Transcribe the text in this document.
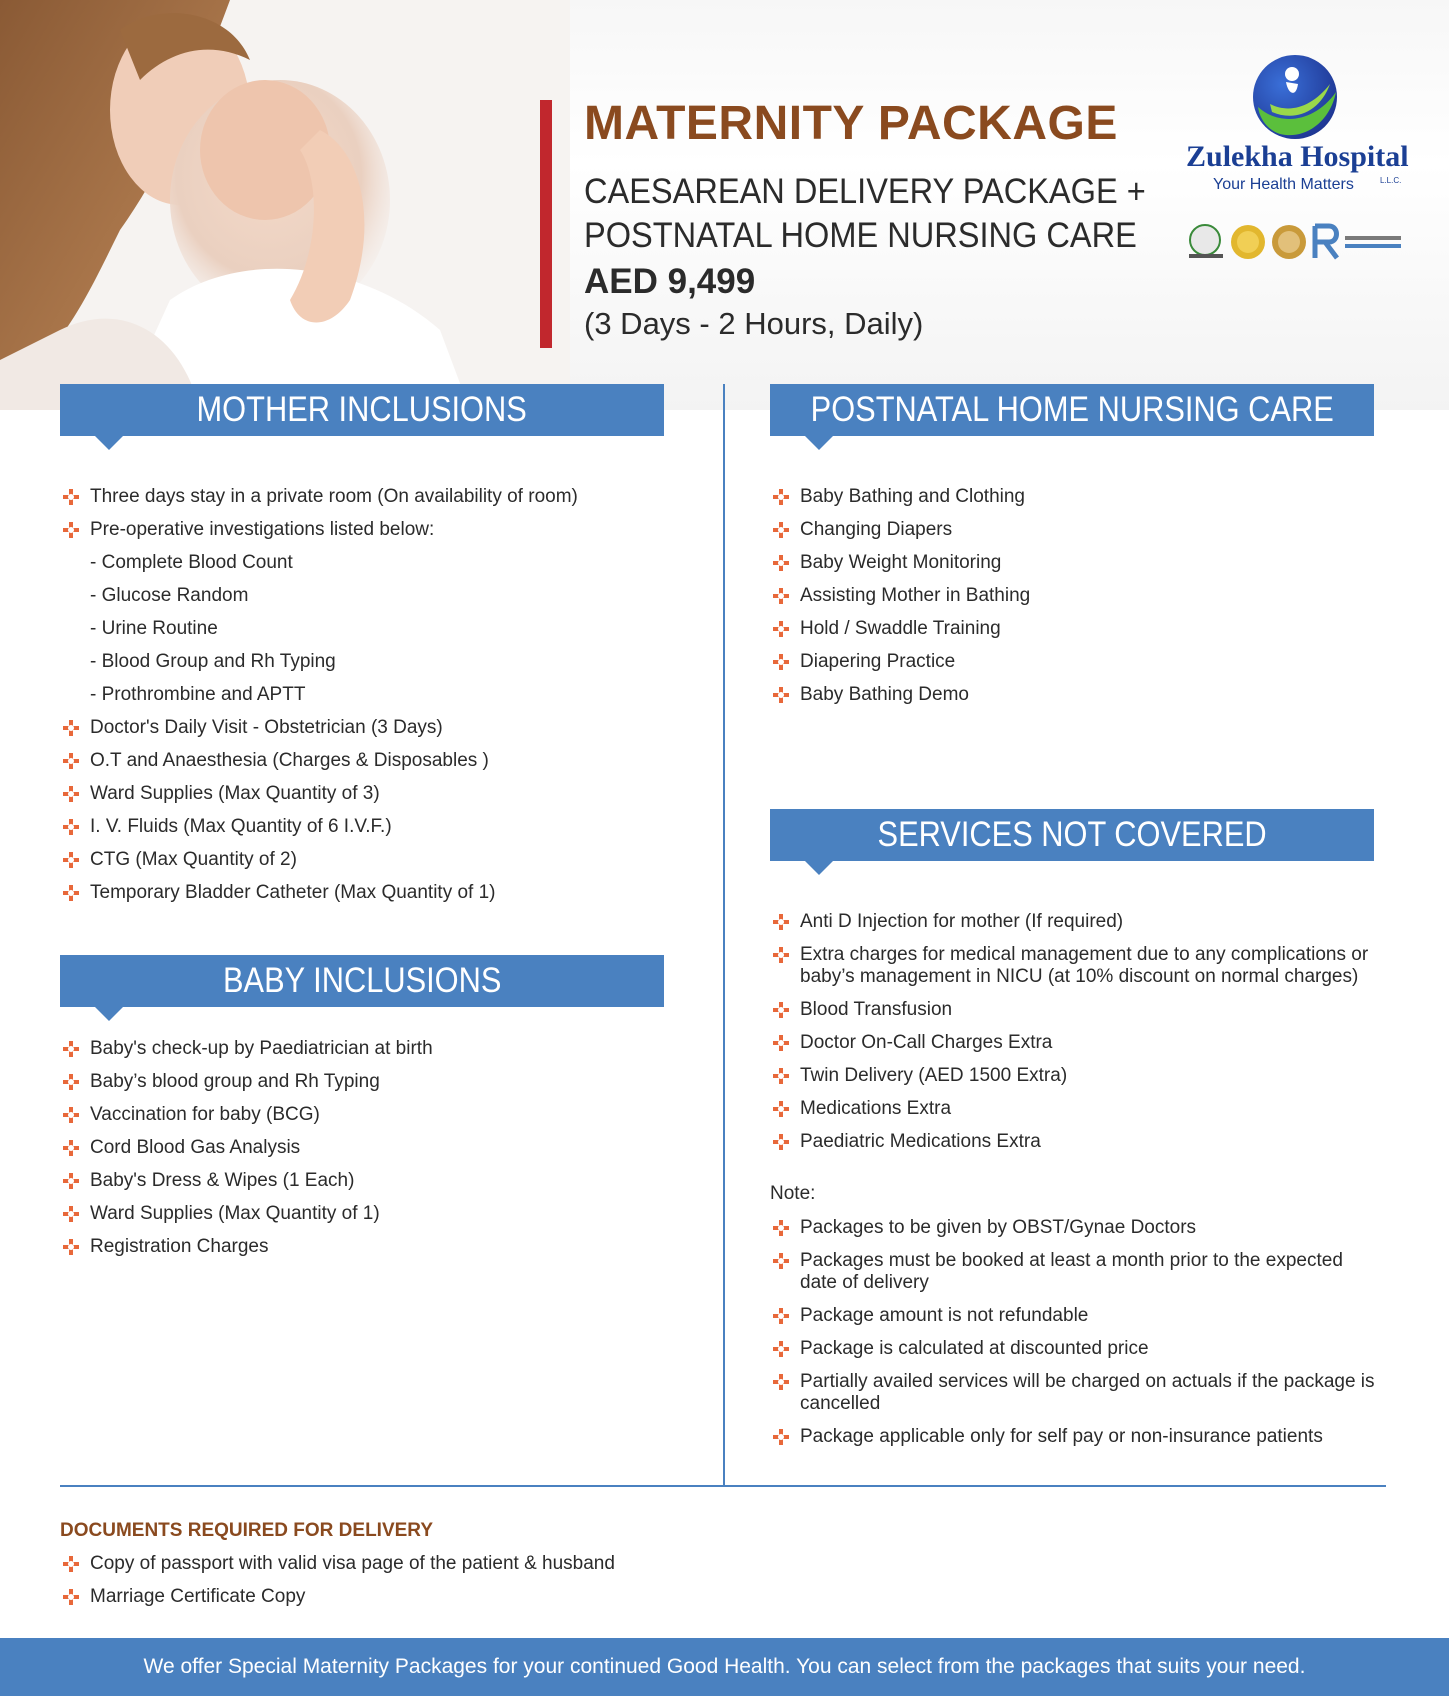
MATERNITY PACKAGE
CAESAREAN DELIVERY PACKAGE +
POSTNATAL HOME NURSING CARE
AED 9,499
(3 Days - 2 Hours, Daily)
Zulekha Hospital
L.L.C.
Your Health Matters
MOTHER INCLUSIONS
Three days stay in a private room (On availability of room)
Pre-operative investigations listed below:
- Complete Blood Count
- Glucose Random
- Urine Routine
- Blood Group and Rh Typing
- Prothrombine and APTT
Doctor's Daily Visit - Obstetrician (3 Days)
O.T and Anaesthesia (Charges & Disposables )
Ward Supplies (Max Quantity of 3)
I. V. Fluids (Max Quantity of 6 I.V.F.)
CTG (Max Quantity of 2)
Temporary Bladder Catheter (Max Quantity of 1)
BABY INCLUSIONS
Baby's check-up by Paediatrician at birth
Baby’s blood group and Rh Typing
Vaccination for baby (BCG)
Cord Blood Gas Analysis
Baby's Dress & Wipes (1 Each)
Ward Supplies (Max Quantity of 1)
Registration Charges
POSTNATAL HOME NURSING CARE
Baby Bathing and Clothing
Changing Diapers
Baby Weight Monitoring
Assisting Mother in Bathing
Hold / Swaddle Training
Diapering Practice
Baby Bathing Demo
SERVICES NOT COVERED
Anti D Injection for mother (If required)
Extra charges for medical management due to any complications or baby’s management in NICU (at 10% discount on normal charges)
Blood Transfusion
Doctor On-Call Charges Extra
Twin Delivery (AED 1500 Extra)
Medications Extra
Paediatric Medications Extra
Note:
Packages to be given by OBST/Gynae Doctors
Packages must be booked at least a month prior to the expected date of delivery
Package amount is not refundable
Package is calculated at discounted price
Partially availed services will be charged on actuals if the package is cancelled
Package applicable only for self pay or non-insurance patients
DOCUMENTS REQUIRED FOR DELIVERY
Copy of passport with valid visa page of the patient & husband
Marriage Certificate Copy
We offer Special Maternity Packages for your continued Good Health. You can select from the packages that suits your need.
